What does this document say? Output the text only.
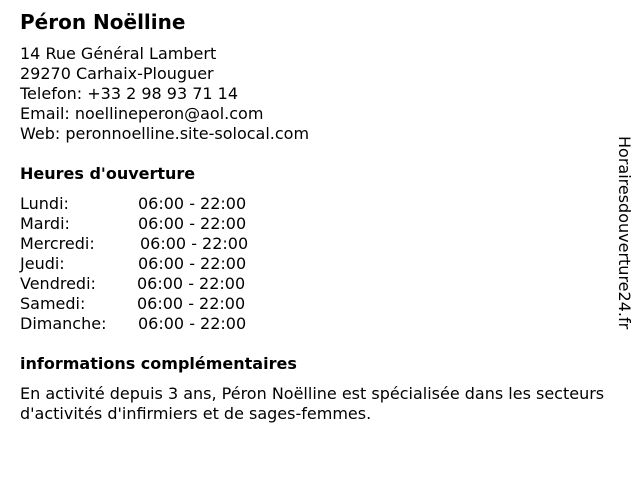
Péron Noëlline
14 Rue Général Lambert
29270 Carhaix-Plouguer
Telefon: +33 2 98 93 71 14
Email: noellineperon@aol.com
Web: peronnoelline.site-solocal.com
Heures d'ouverture
Lundi:	06:00 - 22:00
Mardi:	06:00 - 22:00
Mercredi:	06:00 - 22:00
Jeudi:	06:00 - 22:00
Vendredi:	06:00 - 22:00
Samedi:	06:00 - 22:00
Dimanche: 06:00 - 22:00
informations complémentaires
En activité depuis 3 ans, Péron Noëlline est spécialisée dans les secteurs d'activités d'infirmiers et de sages-femmes.
Horairesdouverture24.fr
